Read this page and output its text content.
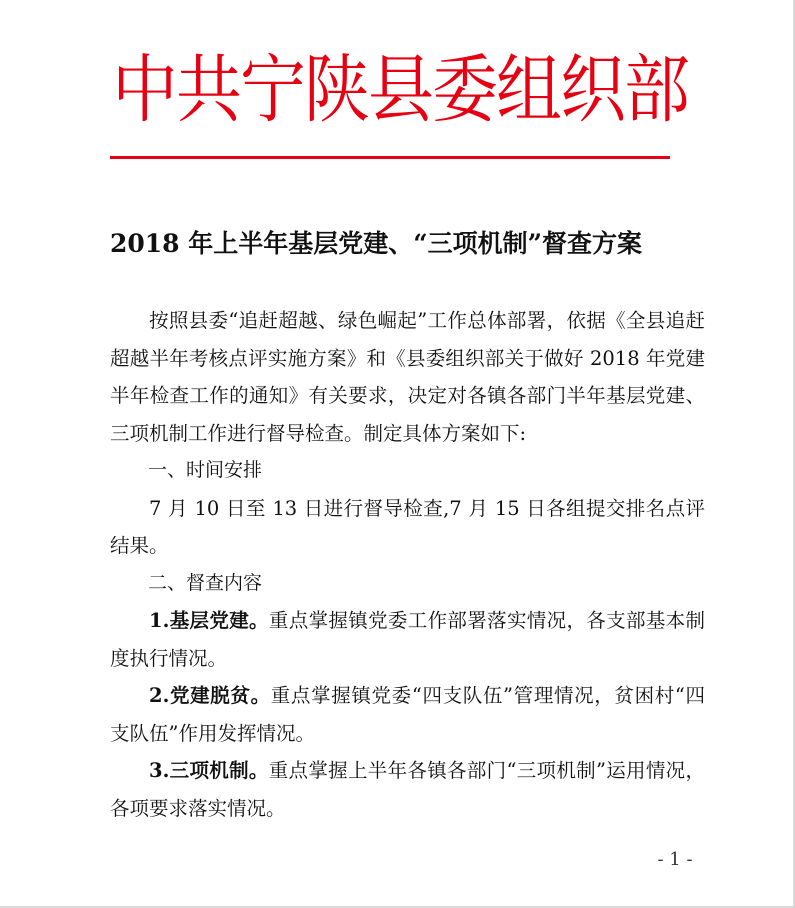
中共宁陕县委组织部
2018 年上半年基层党建、“三项机制”督查方案

按照县委“追赶超越、绿色崛起”工作总体部署，依据《全县追赶超越半年考核点评实施方案》和《县委组织部关于做好 2018 年党建半年检查工作的通知》有关要求，决定对各镇各部门半年基层党建、三项机制工作进行督导检查。制定具体方案如下:

一、时间安排

7 月 10 日至 13 日进行督导检查,7 月 15 日各组提交排名点评结果。

二、督查内容

1.基层党建。重点掌握镇党委工作部署落实情况，各支部基本制度执行情况。

2.党建脱贫。重点掌握镇党委“四支队伍”管理情况，贫困村“四支队伍”作用发挥情况。

3.三项机制。重点掌握上半年各镇各部门“三项机制”运用情况，各项要求落实情况。

- 1 -
